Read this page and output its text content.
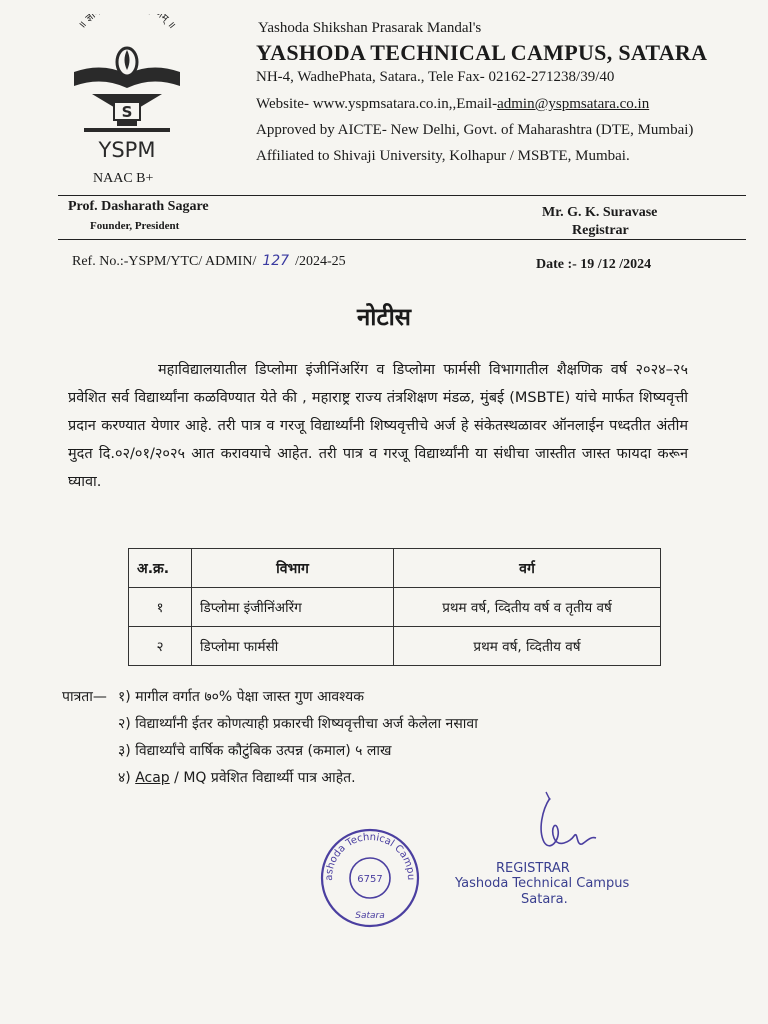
॥ ज्ञा णम् ॥
S
YSPM
Yashoda Shikshan Prasarak Mandal's
YASHODA TECHNICAL CAMPUS, SATARA
NH-4, WadhePhata, Satara., Tele Fax- 02162-271238/39/40
Website- www.yspmsatara.co.in,,Email-admin@yspmsatara.co.in
Approved by AICTE- New Delhi, Govt. of Maharashtra (DTE, Mumbai)
Affiliated to Shivaji University, Kolhapur / MSBTE, Mumbai.
NAAC B+
Prof. Dasharath Sagare
Founder, President
Mr. G. K. Suravase
Registrar
Ref. No.:-YSPM/YTC/ ADMIN/ 127 /2024-25	Date :- 19 /12 /2024
नोटीस
महाविद्यालयातील डिप्लोमा इंजीनिंअरिंग व डिप्लोमा फार्मसी विभागातील शैक्षणिक वर्ष २०२४–२५ प्रवेशित सर्व विद्यार्थ्यांना कळविण्यात येते की , महाराष्ट्र राज्य तंत्रशिक्षण मंडळ, मुंबई (MSBTE) यांचे मार्फत शिष्यवृत्ती प्रदान करण्यात येणार आहे. तरी पात्र व गरजू विद्यार्थ्यांनी शिष्यवृत्तीचे अर्ज हे संकेतस्थळावर ऑनलाईन पध्दतीत अंतीम मुदत दि.०२/०१/२०२५ आत करावयाचे आहेत. तरी पात्र व गरजू विद्यार्थ्यांनी या संधीचा जास्तीत जास्त फायदा करून घ्यावा.
अ.क्र.	विभाग	वर्ग
१	डिप्लोमा इंजीनिंअरिंग	प्रथम वर्ष, व्दितीय वर्ष व तृतीय वर्ष
२	डिप्लोमा फार्मसी	प्रथम वर्ष, व्दितीय वर्ष
पात्रता— १) मागील वर्गात ७०% पेक्षा जास्त गुण आवश्यक
२) विद्यार्थ्यांनी ईतर कोणत्याही प्रकारची शिष्यवृत्तीचा अर्ज केलेला नसावा
३) विद्यार्थ्यांचे वार्षिक कौटुंबिक उत्पन्न (कमाल) ५ लाख
४) Acap / MQ प्रवेशित विद्यार्थ्यी पात्र आहेत.
ashoda Technical Campu
6757
Satara
REGISTRAR
Yashoda Technical Campus
Satara.
